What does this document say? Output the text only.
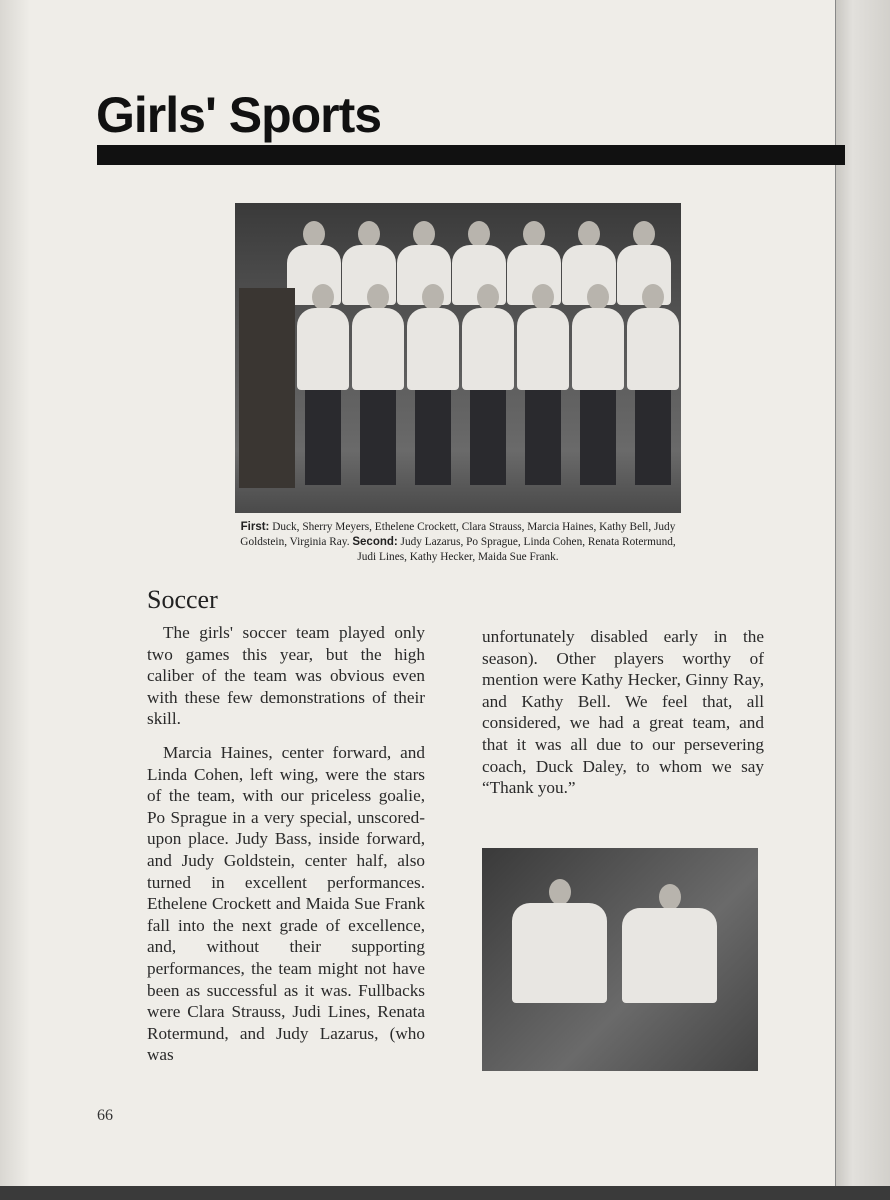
Girls' Sports
First: Duck, Sherry Meyers, Ethelene Crockett, Clara Strauss, Marcia Haines, Kathy Bell, Judy Goldstein, Virginia Ray. Second: Judy Lazarus, Po Sprague, Linda Cohen, Renata Rotermund, Judi Lines, Kathy Hecker, Maida Sue Frank.
Soccer

The girls' soccer team played only two games this year, but the high caliber of the team was obvious even with these few demonstrations of their skill.

Marcia Haines, center forward, and Linda Cohen, left wing, were the stars of the team, with our priceless goalie, Po Sprague in a very special, unscored-upon place. Judy Bass, inside forward, and Judy Goldstein, center half, also turned in excellent performances. Ethelene Crockett and Maida Sue Frank fall into the next grade of excellence, and, without their supporting performances, the team might not have been as successful as it was. Fullbacks were Clara Strauss, Judi Lines, Renata Rotermund, and Judy Lazarus, (who was

unfortunately disabled early in the season). Other players worthy of mention were Kathy Hecker, Ginny Ray, and Kathy Bell. We feel that, all considered, we had a great team, and that it was all due to our persevering coach, Duck Daley, to whom we say “Thank you.”

66
